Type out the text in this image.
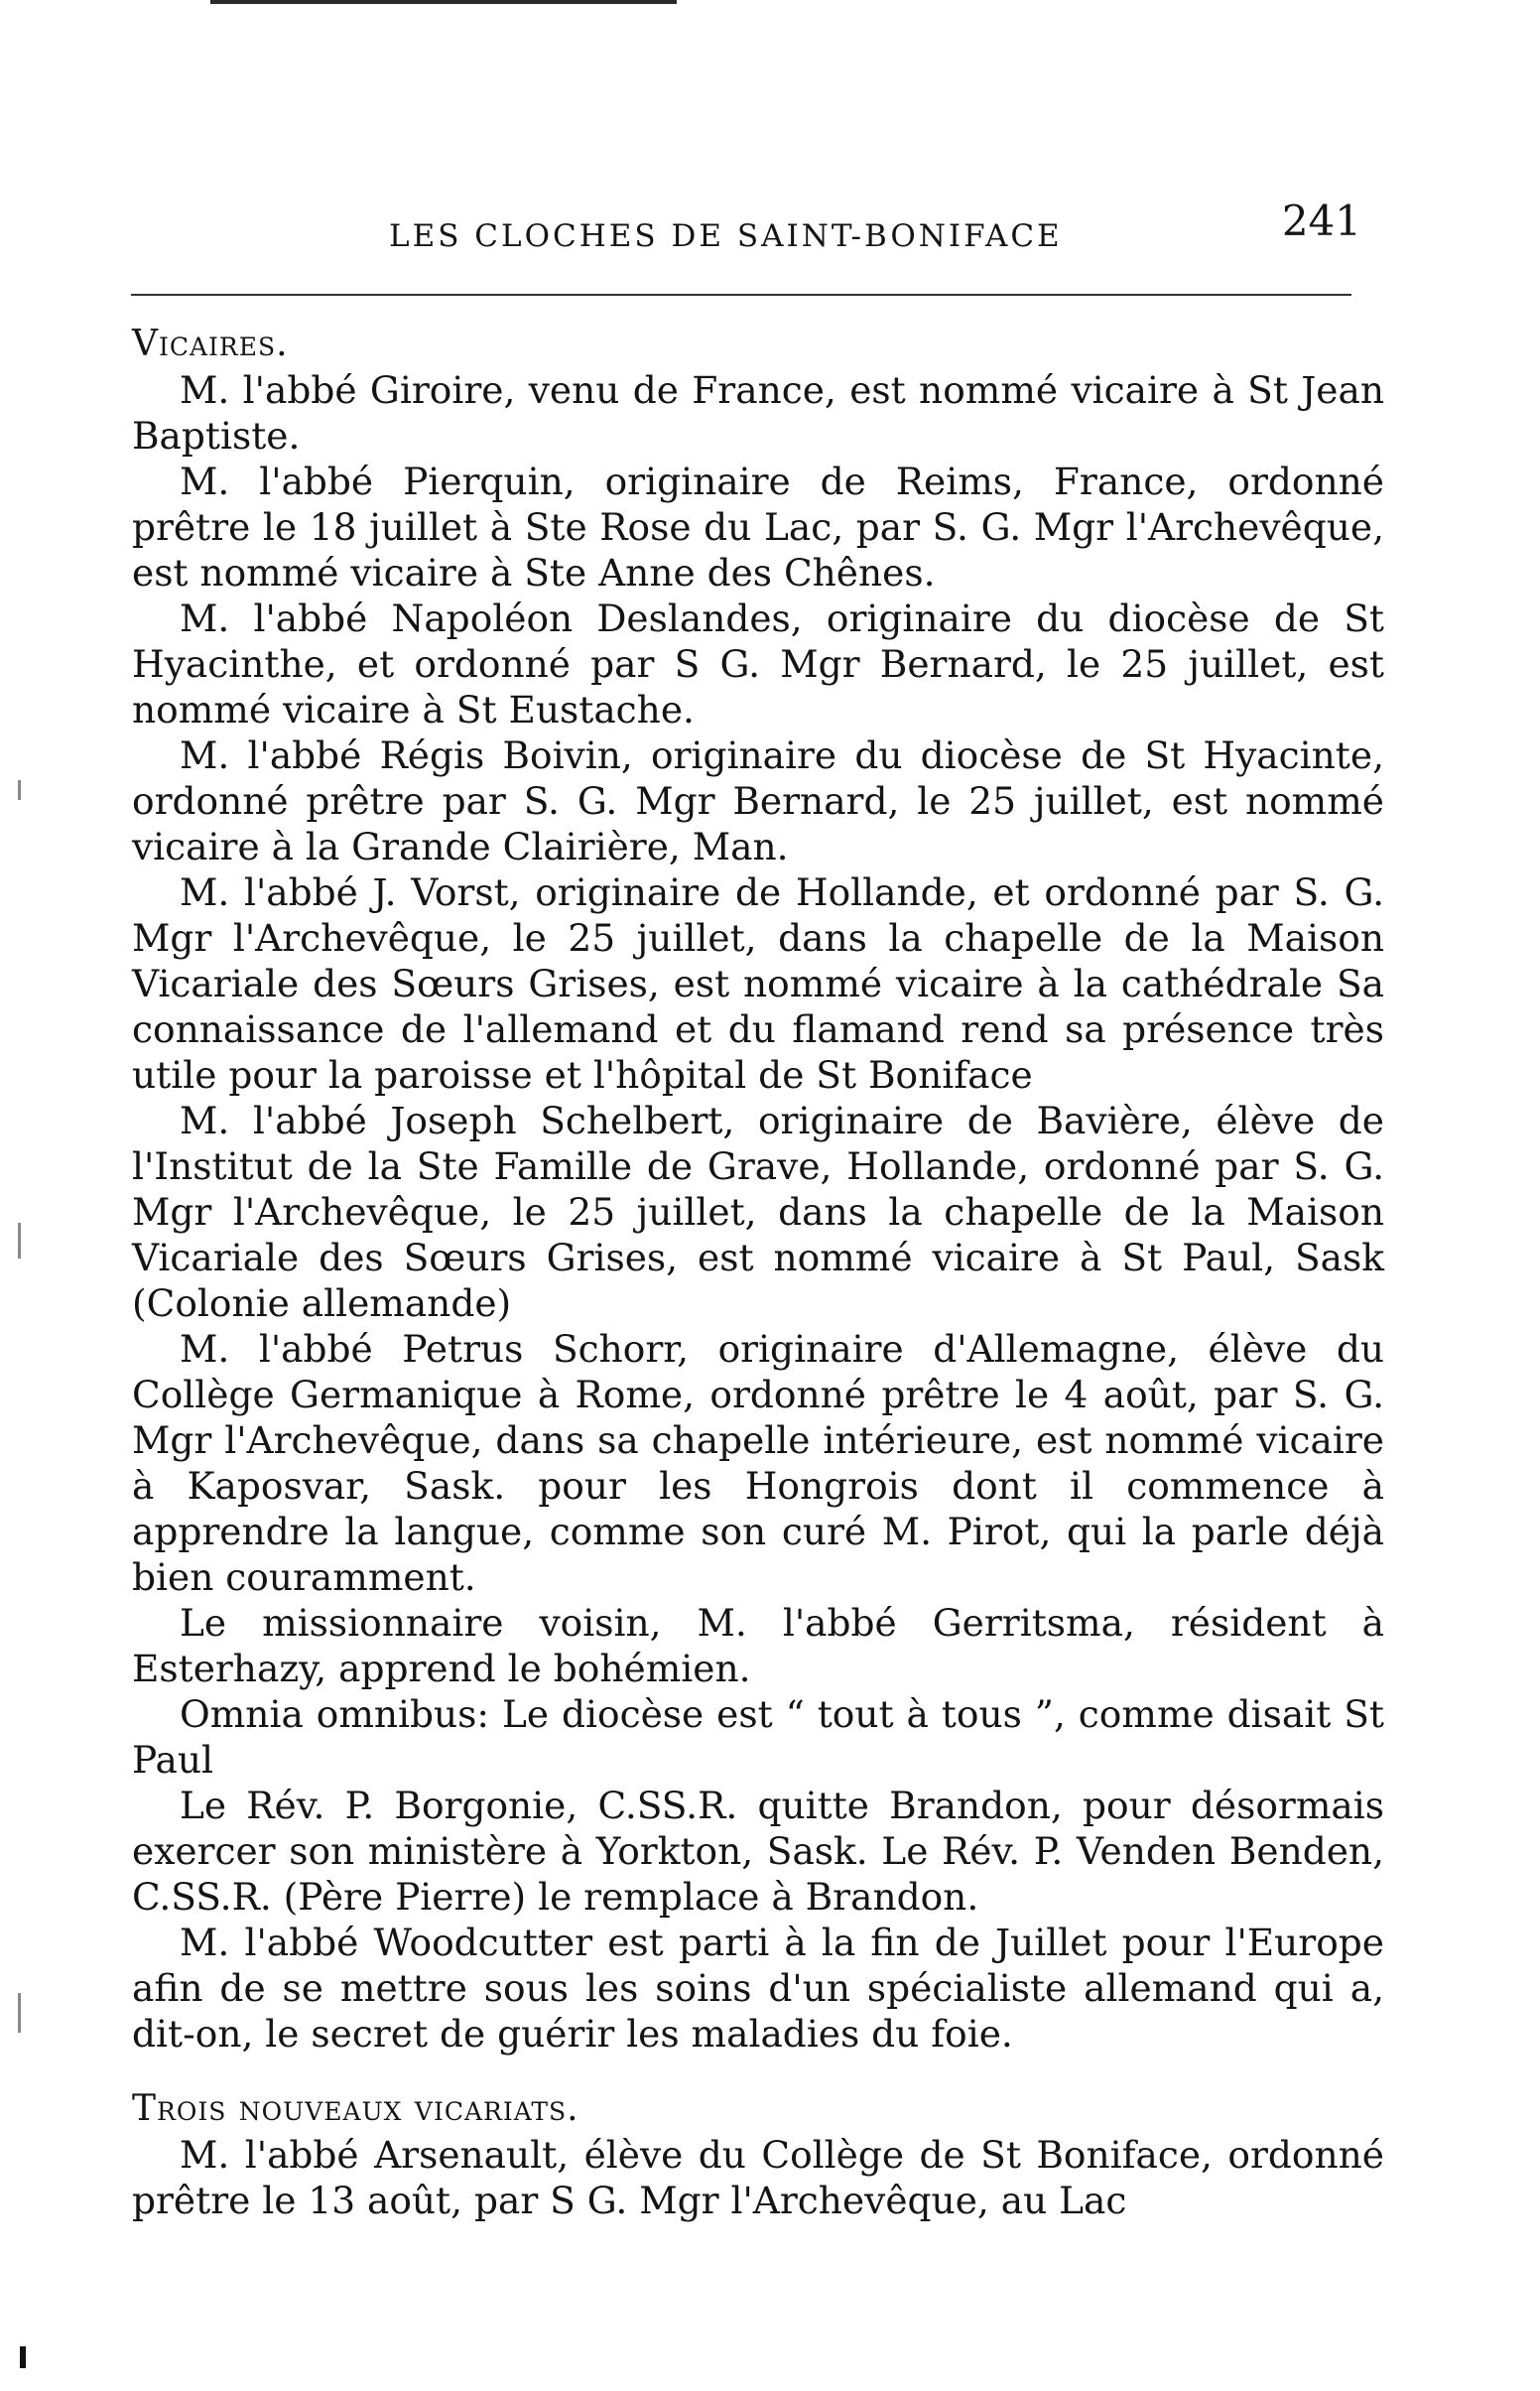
LES CLOCHES DE SAINT-BONIFACE	241

Vicaires.

M. l'abbé Giroire, venu de France, est nommé vicaire à St Jean Baptiste.

M. l'abbé Pierquin, originaire de Reims, France, ordonné prêtre le 18 juillet à Ste Rose du Lac, par S. G. Mgr l'Archevêque, est nommé vicaire à Ste Anne des Chênes.

M. l'abbé Napoléon Deslandes, originaire du diocèse de St Hyacinthe, et ordonné par S G. Mgr Bernard, le 25 juillet, est nommé vicaire à St Eustache.

M. l'abbé Régis Boivin, originaire du diocèse de St Hyacinte, ordonné prêtre par S. G. Mgr Bernard, le 25 juillet, est nommé vicaire à la Grande Clairière, Man.

M. l'abbé J. Vorst, originaire de Hollande, et ordonné par S. G. Mgr l'Archevêque, le 25 juillet, dans la chapelle de la Maison Vicariale des Sœurs Grises, est nommé vicaire à la cathédrale Sa connaissance de l'allemand et du flamand rend sa présence très utile pour la paroisse et l'hôpital de St Boniface

M. l'abbé Joseph Schelbert, originaire de Bavière, élève de l'Institut de la Ste Famille de Grave, Hollande, ordonné par S. G. Mgr l'Archevêque, le 25 juillet, dans la chapelle de la Maison Vicariale des Sœurs Grises, est nommé vicaire à St Paul, Sask (Colonie allemande)

M. l'abbé Petrus Schorr, originaire d'Allemagne, élève du Collège Germanique à Rome, ordonné prêtre le 4 août, par S. G. Mgr l'Archevêque, dans sa chapelle intérieure, est nommé vicaire à Kaposvar, Sask. pour les Hongrois dont il commence à apprendre la langue, comme son curé M. Pirot, qui la parle déjà bien couramment.

Le missionnaire voisin, M. l'abbé Gerritsma, résident à Esterhazy, apprend le bohémien.

Omnia omnibus: Le diocèse est “ tout à tous ”, comme disait St Paul

Le Rév. P. Borgonie, C.SS.R. quitte Brandon, pour désormais exercer son ministère à Yorkton, Sask. Le Rév. P. Venden Benden, C.SS.R. (Père Pierre) le remplace à Brandon.

M. l'abbé Woodcutter est parti à la fin de Juillet pour l'Europe afin de se mettre sous les soins d'un spécialiste allemand qui a, dit-on, le secret de guérir les maladies du foie.

Trois nouveaux vicariats.

M. l'abbé Arsenault, élève du Collège de St Boniface, ordonné prêtre le 13 août, par S G. Mgr l'Archevêque, au Lac
